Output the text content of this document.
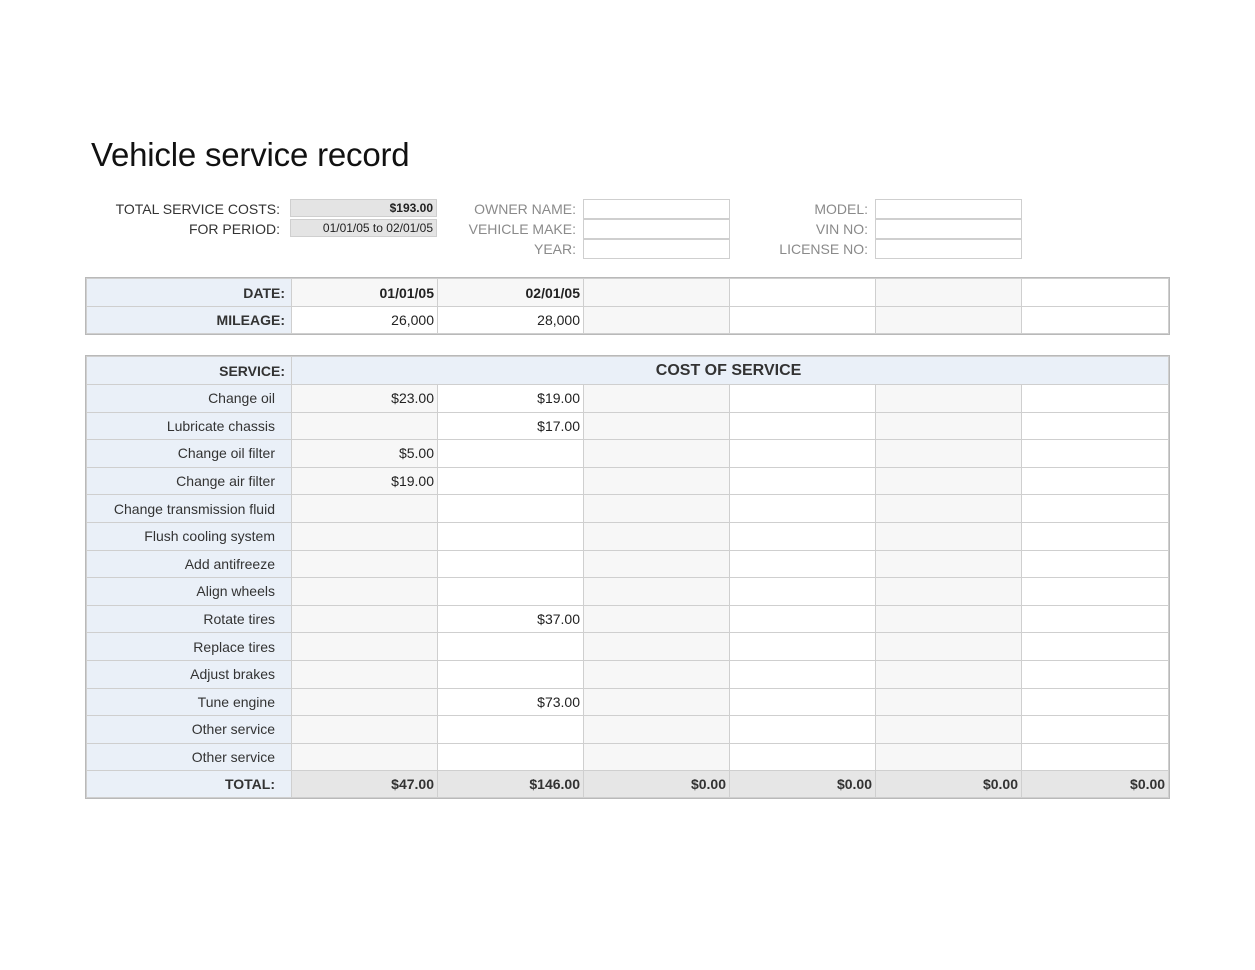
Vehicle service record
TOTAL SERVICE COSTS:	$193.00
FOR PERIOD:	01/01/05 to 02/01/05
OWNER NAME:
VEHICLE MAKE:
YEAR:
MODEL:
VIN NO:
LICENSE NO:
DATE:	01/01/05	02/01/05				
MILEAGE:	26,000	28,000				
SERVICE:	COST OF SERVICE					
Change oil	$23.00	$19.00				
Lubricate chassis		$17.00				
Change oil filter	$5.00					
Change air filter	$19.00					
Change transmission fluid						
Flush cooling system						
Add antifreeze						
Align wheels						
Rotate tires		$37.00				
Replace tires						
Adjust brakes						
Tune engine		$73.00				
Other service						
Other service						
TOTAL:	$47.00	$146.00	$0.00	$0.00	$0.00	$0.00
